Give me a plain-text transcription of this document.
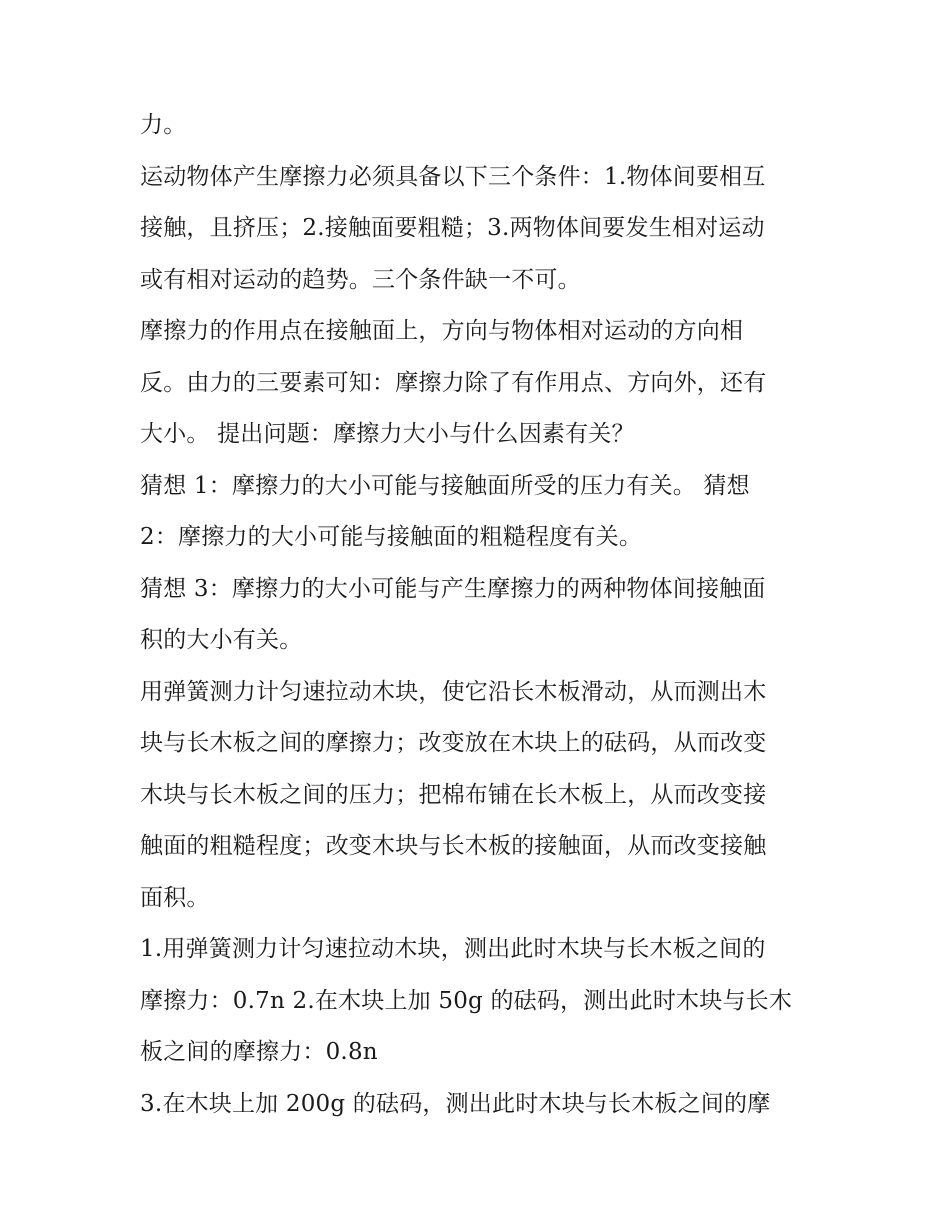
力。
运动物体产生摩擦力必须具备以下三个条件：1.物体间要相互
接触，且挤压；2.接触面要粗糙；3.两物体间要发生相对运动
或有相对运动的趋势。三个条件缺一不可。
摩擦力的作用点在接触面上，方向与物体相对运动的方向相
反。由力的三要素可知：摩擦力除了有作用点、方向外，还有
大小。 提出问题：摩擦力大小与什么因素有关？
猜想 1：摩擦力的大小可能与接触面所受的压力有关。 猜想
2：摩擦力的大小可能与接触面的粗糙程度有关。
猜想 3：摩擦力的大小可能与产生摩擦力的两种物体间接触面
积的大小有关。
用弹簧测力计匀速拉动木块，使它沿长木板滑动，从而测出木
块与长木板之间的摩擦力；改变放在木块上的砝码，从而改变
木块与长木板之间的压力；把棉布铺在长木板上，从而改变接
触面的粗糙程度；改变木块与长木板的接触面，从而改变接触
面积。
1.用弹簧测力计匀速拉动木块，测出此时木块与长木板之间的
摩擦力：0.7n 2.在木块上加 50g 的砝码，测出此时木块与长木
板之间的摩擦力：0.8n
3.在木块上加 200g 的砝码，测出此时木块与长木板之间的摩
